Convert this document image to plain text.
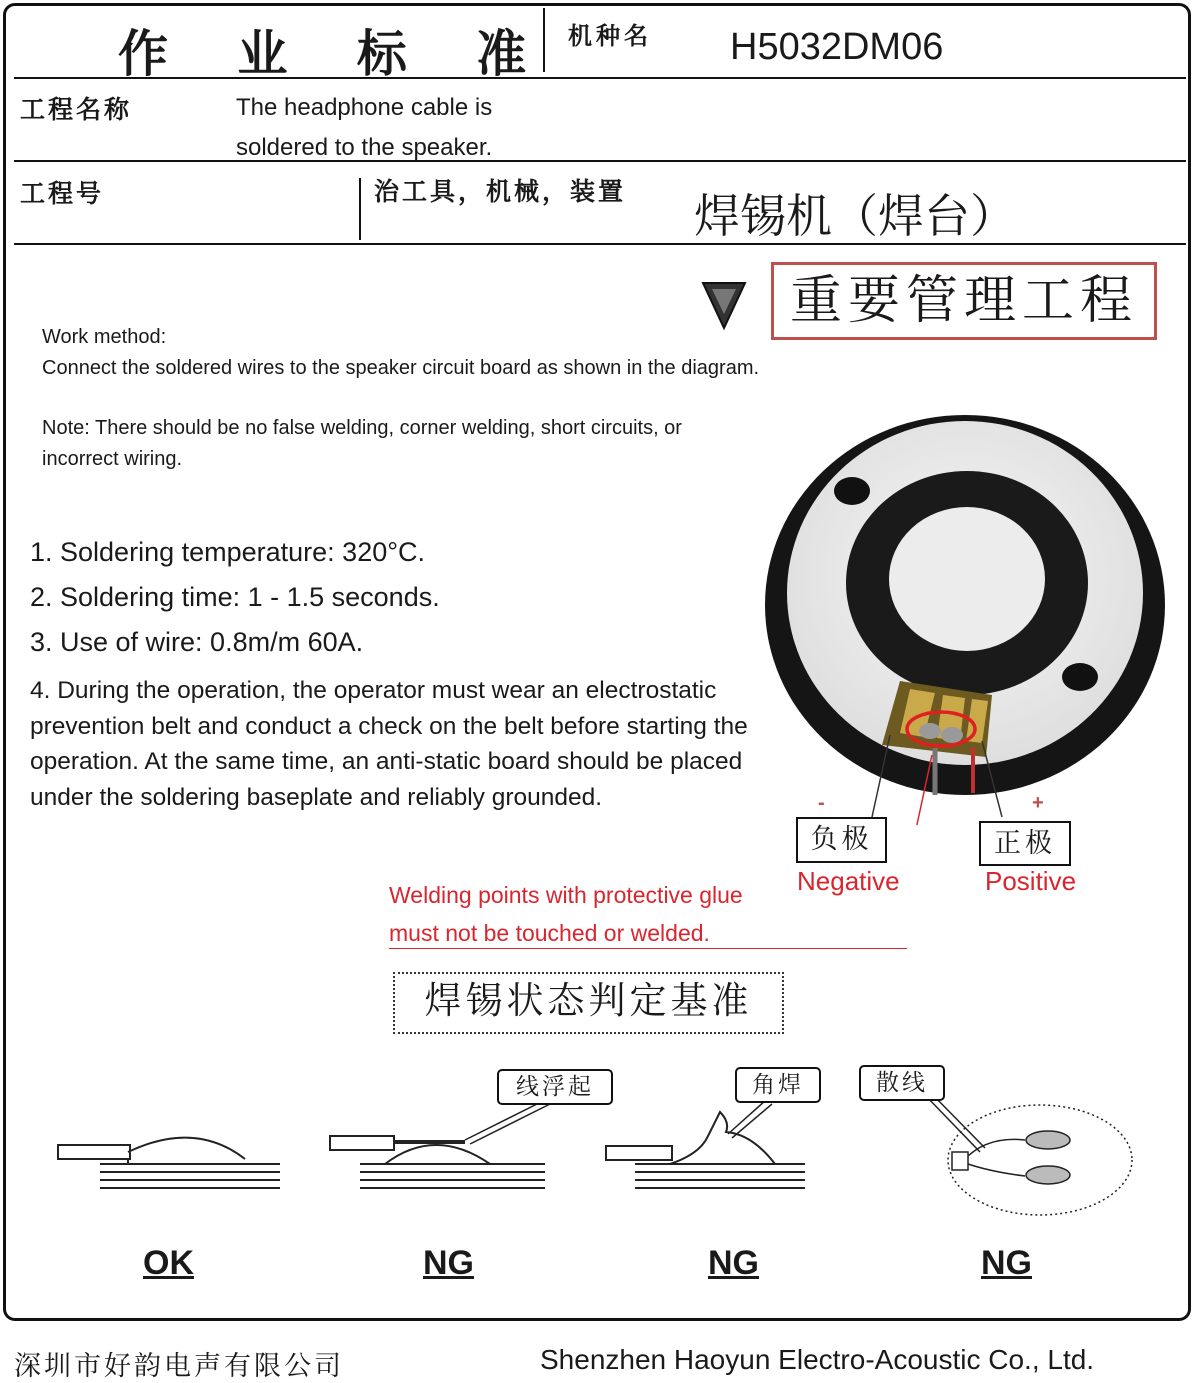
作 业 标 准 机种名 H5032DM06
工程名称	The headphone cable is
soldered to the speaker.
工程号	治工具，机械，装置 焊锡机（焊台）
重要管理工程
Work method:
Connect the soldered wires to the speaker circuit board as shown in the diagram.
Note: There should be no false welding, corner welding, short circuits, or incorrect wiring.

1. Soldering temperature: 320°C.

2. Soldering time: 1 - 1.5 seconds.

3. Use of wire: 0.8m/m 60A.

4. During the operation, the operator must wear an electrostatic prevention belt and conduct a check on the belt before starting the operation. At the same time, an anti-static board should be placed under the soldering baseplate and reliably grounded.	-	+
负极	正极
Negative	Positive
Welding points with protective glue
must not be touched or welded.
焊锡状态判定基准
线浮起	角焊	散线
OK	NG	NG	NG
深圳市好韵电声有限公司	Shenzhen Haoyun Electro-Acoustic Co., Ltd.
